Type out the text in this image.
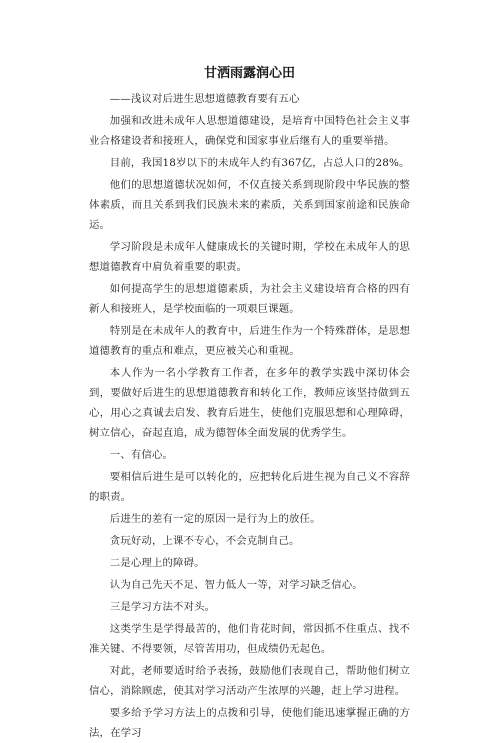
甘洒雨露润心田

——浅议对后进生思想道德教育要有五心

加强和改进未成年人思想道德建设，是培育中国特色社会主义事业合格建设者和接班人，确保党和国家事业后继有人的重要举措。

目前，我国18岁以下的未成年人约有367亿，占总人口的28%。

他们的思想道德状况如何，不仅直接关系到现阶段中华民族的整体素质，而且关系到我们民族未来的素质，关系到国家前途和民族命运。

学习阶段是未成年人健康成长的关键时期，学校在未成年人的思想道德教育中肩负着重要的职责。

如何提高学生的思想道德素质，为社会主义建设培育合格的四有新人和接班人，是学校面临的一项艰巨课题。

特别是在未成年人的教育中，后进生作为一个特殊群体，是思想道德教育的重点和难点，更应被关心和重视。

本人作为一名小学教育工作者，在多年的教学实践中深切体会到，要做好后进生的思想道德教育和转化工作，教师应该坚持做到五心，用心之真诚去启发、教育后进生，使他们克服思想和心理障碍，树立信心，奋起直追，成为德智体全面发展的优秀学生。

一、有信心。

要相信后进生是可以转化的，应把转化后进生视为自己义不容辞的职责。

后进生的差有一定的原因一是行为上的放任。

贪玩好动，上课不专心，不会克制自己。

二是心理上的障碍。

认为自己先天不足、智力低人一等，对学习缺乏信心。

三是学习方法不对头。

这类学生是学得最苦的，他们肯花时间，常因抓不住重点、找不准关键、不得要领，尽管苦用功，但成绩仍无起色。

对此，老师要适时给予表扬，鼓励他们表现自己，帮助他们树立信心，消除顾虑，使其对学习活动产生浓厚的兴趣，赶上学习进程。

要多给予学习方法上的点拨和引导，使他们能迅速掌握正确的方法，在学习
